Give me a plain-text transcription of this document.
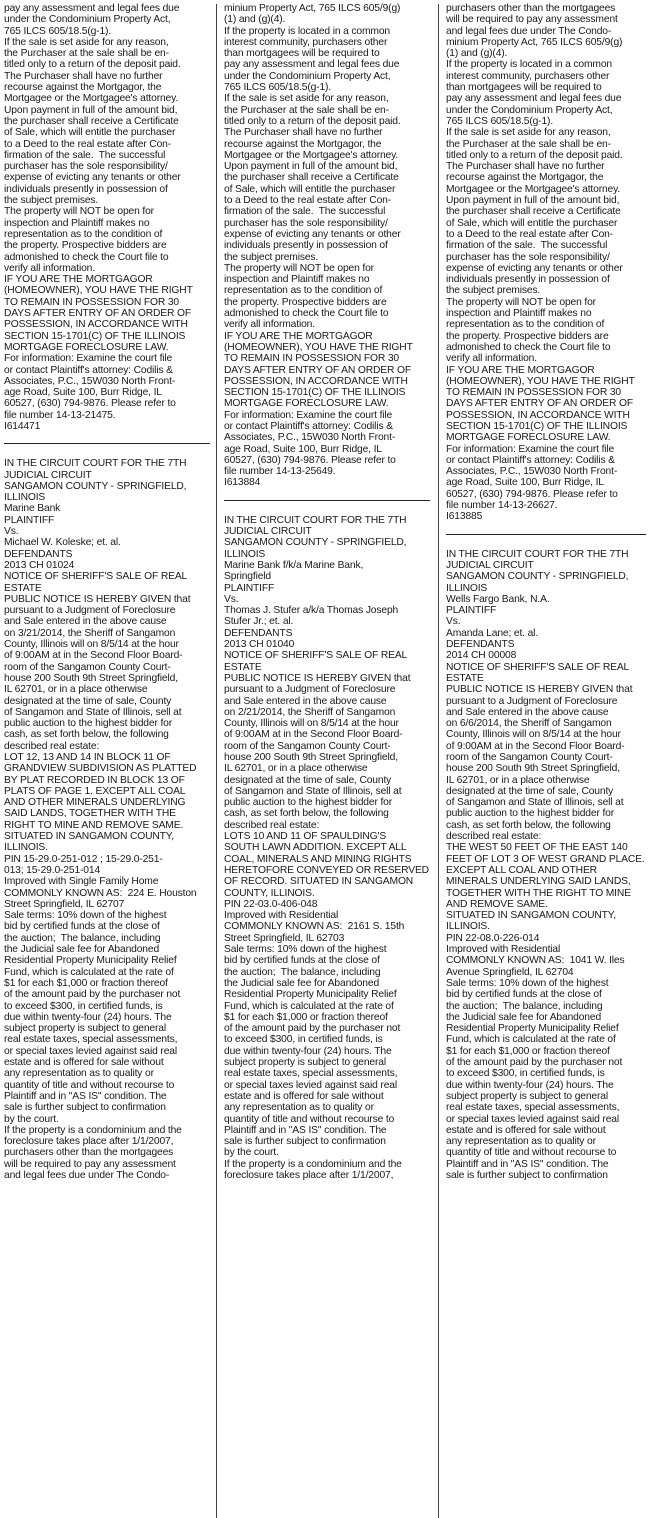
pay any assessment and legal fees due
under the Condominium Property Act,
765 ILCS 605/18.5(g-1).
If the sale is set aside for any reason,
the Purchaser at the sale shall be en-
titled only to a return of the deposit paid.
The Purchaser shall have no further
recourse against the Mortgagor, the
Mortgagee or the Mortgagee's attorney.
Upon payment in full of the amount bid,
the purchaser shall receive a Certificate
of Sale, which will entitle the purchaser
to a Deed to the real estate after Con-
firmation of the sale.  The successful
purchaser has the sole responsibility/
expense of evicting any tenants or other
individuals presently in possession of
the subject premises.
The property will NOT be open for
inspection and Plaintiff makes no
representation as to the condition of
the property. Prospective bidders are
admonished to check the Court file to
verify all information.
IF YOU ARE THE MORTGAGOR
(HOMEOWNER), YOU HAVE THE RIGHT
TO REMAIN IN POSSESSION FOR 30
DAYS AFTER ENTRY OF AN ORDER OF
POSSESSION, IN ACCORDANCE WITH
SECTION 15-1701(C) OF THE ILLINOIS
MORTGAGE FORECLOSURE LAW.
For information: Examine the court file
or contact Plaintiff's attorney: Codilis &
Associates, P.C., 15W030 North Front-
age Road, Suite 100, Burr Ridge, IL
60527, (630) 794-9876. Please refer to
file number 14-13-21475.
I614471

IN THE CIRCUIT COURT FOR THE 7TH
JUDICIAL CIRCUIT
SANGAMON COUNTY - SPRINGFIELD,
ILLINOIS
Marine Bank
PLAINTIFF
Vs.
Michael W. Koleske; et. al.
DEFENDANTS
2013 CH 01024
NOTICE OF SHERIFF'S SALE OF REAL
ESTATE
PUBLIC NOTICE IS HEREBY GIVEN that
pursuant to a Judgment of Foreclosure
and Sale entered in the above cause
on 3/21/2014, the Sheriff of Sangamon
County, Illinois will on 8/5/14 at the hour
of 9:00AM at in the Second Floor Board-
room of the Sangamon County Court-
house 200 South 9th Street Springfield,
IL 62701, or in a place otherwise
designated at the time of sale, County
of Sangamon and State of Illinois, sell at
public auction to the highest bidder for
cash, as set forth below, the following
described real estate:
LOT 12, 13 AND 14 IN BLOCK 11 OF
GRANDVIEW SUBDIVISION AS PLATTED
BY PLAT RECORDED IN BLOCK 13 OF
PLATS OF PAGE 1. EXCEPT ALL COAL
AND OTHER MINERALS UNDERLYING
SAID LANDS, TOGETHER WITH THE
RIGHT TO MINE AND REMOVE SAME.
SITUATED IN SANGAMON COUNTY,
ILLINOIS.
PIN 15-29.0-251-012 ; 15-29.0-251-
013; 15-29.0-251-014
Improved with Single Family Home
COMMONLY KNOWN AS:  224 E. Houston
Street Springfield, IL 62707
Sale terms: 10% down of the highest
bid by certified funds at the close of
the auction;  The balance, including
the Judicial sale fee for Abandoned
Residential Property Municipality Relief
Fund, which is calculated at the rate of
$1 for each $1,000 or fraction thereof
of the amount paid by the purchaser not
to exceed $300, in certified funds, is
due within twenty-four (24) hours. The
subject property is subject to general
real estate taxes, special assessments,
or special taxes levied against said real
estate and is offered for sale without
any representation as to quality or
quantity of title and without recourse to
Plaintiff and in "AS IS" condition. The
sale is further subject to confirmation
by the court.
If the property is a condominium and the
foreclosure takes place after 1/1/2007,
purchasers other than the mortgagees
will be required to pay any assessment
and legal fees due under The Condo-

minium Property Act, 765 ILCS 605/9(g)
(1) and (g)(4).
If the property is located in a common
interest community, purchasers other
than mortgagees will be required to
pay any assessment and legal fees due
under the Condominium Property Act,
765 ILCS 605/18.5(g-1).
If the sale is set aside for any reason,
the Purchaser at the sale shall be en-
titled only to a return of the deposit paid.
The Purchaser shall have no further
recourse against the Mortgagor, the
Mortgagee or the Mortgagee's attorney.
Upon payment in full of the amount bid,
the purchaser shall receive a Certificate
of Sale, which will entitle the purchaser
to a Deed to the real estate after Con-
firmation of the sale.  The successful
purchaser has the sole responsibility/
expense of evicting any tenants or other
individuals presently in possession of
the subject premises.
The property will NOT be open for
inspection and Plaintiff makes no
representation as to the condition of
the property. Prospective bidders are
admonished to check the Court file to
verify all information.
IF YOU ARE THE MORTGAGOR
(HOMEOWNER), YOU HAVE THE RIGHT
TO REMAIN IN POSSESSION FOR 30
DAYS AFTER ENTRY OF AN ORDER OF
POSSESSION, IN ACCORDANCE WITH
SECTION 15-1701(C) OF THE ILLINOIS
MORTGAGE FORECLOSURE LAW.
For information: Examine the court file
or contact Plaintiff's attorney: Codilis &
Associates, P.C., 15W030 North Front-
age Road, Suite 100, Burr Ridge, IL
60527, (630) 794-9876. Please refer to
file number 14-13-25649.
I613884

IN THE CIRCUIT COURT FOR THE 7TH
JUDICIAL CIRCUIT
SANGAMON COUNTY - SPRINGFIELD,
ILLINOIS
Marine Bank f/k/a Marine Bank,
Springfield
PLAINTIFF
Vs.
Thomas J. Stufer a/k/a Thomas Joseph
Stufer Jr.; et. al.
DEFENDANTS
2013 CH 01040
NOTICE OF SHERIFF'S SALE OF REAL
ESTATE
PUBLIC NOTICE IS HEREBY GIVEN that
pursuant to a Judgment of Foreclosure
and Sale entered in the above cause
on 2/21/2014, the Sheriff of Sangamon
County, Illinois will on 8/5/14 at the hour
of 9:00AM at in the Second Floor Board-
room of the Sangamon County Court-
house 200 South 9th Street Springfield,
IL 62701, or in a place otherwise
designated at the time of sale, County
of Sangamon and State of Illinois, sell at
public auction to the highest bidder for
cash, as set forth below, the following
described real estate:
LOTS 10 AND 11 OF SPAULDING'S
SOUTH LAWN ADDITION. EXCEPT ALL
COAL, MINERALS AND MINING RIGHTS
HERETOFORE CONVEYED OR RESERVED
OF RECORD. SITUATED IN SANGAMON
COUNTY, ILLINOIS.
PIN 22-03.0-406-048
Improved with Residential
COMMONLY KNOWN AS:  2161 S. 15th
Street Springfield, IL 62703
Sale terms: 10% down of the highest
bid by certified funds at the close of
the auction;  The balance, including
the Judicial sale fee for Abandoned
Residential Property Municipality Relief
Fund, which is calculated at the rate of
$1 for each $1,000 or fraction thereof
of the amount paid by the purchaser not
to exceed $300, in certified funds, is
due within twenty-four (24) hours. The
subject property is subject to general
real estate taxes, special assessments,
or special taxes levied against said real
estate and is offered for sale without
any representation as to quality or
quantity of title and without recourse to
Plaintiff and in "AS IS" condition. The
sale is further subject to confirmation
by the court.
If the property is a condominium and the
foreclosure takes place after 1/1/2007,

purchasers other than the mortgagees
will be required to pay any assessment
and legal fees due under The Condo-
minium Property Act, 765 ILCS 605/9(g)
(1) and (g)(4).
If the property is located in a common
interest community, purchasers other
than mortgagees will be required to
pay any assessment and legal fees due
under the Condominium Property Act,
765 ILCS 605/18.5(g-1).
If the sale is set aside for any reason,
the Purchaser at the sale shall be en-
titled only to a return of the deposit paid.
The Purchaser shall have no further
recourse against the Mortgagor, the
Mortgagee or the Mortgagee's attorney.
Upon payment in full of the amount bid,
the purchaser shall receive a Certificate
of Sale, which will entitle the purchaser
to a Deed to the real estate after Con-
firmation of the sale.  The successful
purchaser has the sole responsibility/
expense of evicting any tenants or other
individuals presently in possession of
the subject premises.
The property will NOT be open for
inspection and Plaintiff makes no
representation as to the condition of
the property. Prospective bidders are
admonished to check the Court file to
verify all information.
IF YOU ARE THE MORTGAGOR
(HOMEOWNER), YOU HAVE THE RIGHT
TO REMAIN IN POSSESSION FOR 30
DAYS AFTER ENTRY OF AN ORDER OF
POSSESSION, IN ACCORDANCE WITH
SECTION 15-1701(C) OF THE ILLINOIS
MORTGAGE FORECLOSURE LAW.
For information: Examine the court file
or contact Plaintiff's attorney: Codilis &
Associates, P.C., 15W030 North Front-
age Road, Suite 100, Burr Ridge, IL
60527, (630) 794-9876. Please refer to
file number 14-13-26627.
I613885

IN THE CIRCUIT COURT FOR THE 7TH
JUDICIAL CIRCUIT
SANGAMON COUNTY - SPRINGFIELD,
ILLINOIS
Wells Fargo Bank, N.A.
PLAINTIFF
Vs.
Amanda Lane; et. al.
DEFENDANTS
2014 CH 00008
NOTICE OF SHERIFF'S SALE OF REAL
ESTATE
PUBLIC NOTICE IS HEREBY GIVEN that
pursuant to a Judgment of Foreclosure
and Sale entered in the above cause
on 6/6/2014, the Sheriff of Sangamon
County, Illinois will on 8/5/14 at the hour
of 9:00AM at in the Second Floor Board-
room of the Sangamon County Court-
house 200 South 9th Street Springfield,
IL 62701, or in a place otherwise
designated at the time of sale, County
of Sangamon and State of Illinois, sell at
public auction to the highest bidder for
cash, as set forth below, the following
described real estate:
THE WEST 50 FEET OF THE EAST 140
FEET OF LOT 3 OF WEST GRAND PLACE.
EXCEPT ALL COAL AND OTHER
MINERALS UNDERLYING SAID LANDS,
TOGETHER WITH THE RIGHT TO MINE
AND REMOVE SAME.
SITUATED IN SANGAMON COUNTY,
ILLINOIS.
PIN 22-08.0-226-014
Improved with Residential
COMMONLY KNOWN AS:  1041 W. Iles
Avenue Springfield, IL 62704
Sale terms: 10% down of the highest
bid by certified funds at the close of
the auction;  The balance, including
the Judicial sale fee for Abandoned
Residential Property Municipality Relief
Fund, which is calculated at the rate of
$1 for each $1,000 or fraction thereof
of the amount paid by the purchaser not
to exceed $300, in certified funds, is
due within twenty-four (24) hours. The
subject property is subject to general
real estate taxes, special assessments,
or special taxes levied against said real
estate and is offered for sale without
any representation as to quality or
quantity of title and without recourse to
Plaintiff and in "AS IS" condition. The
sale is further subject to confirmation
